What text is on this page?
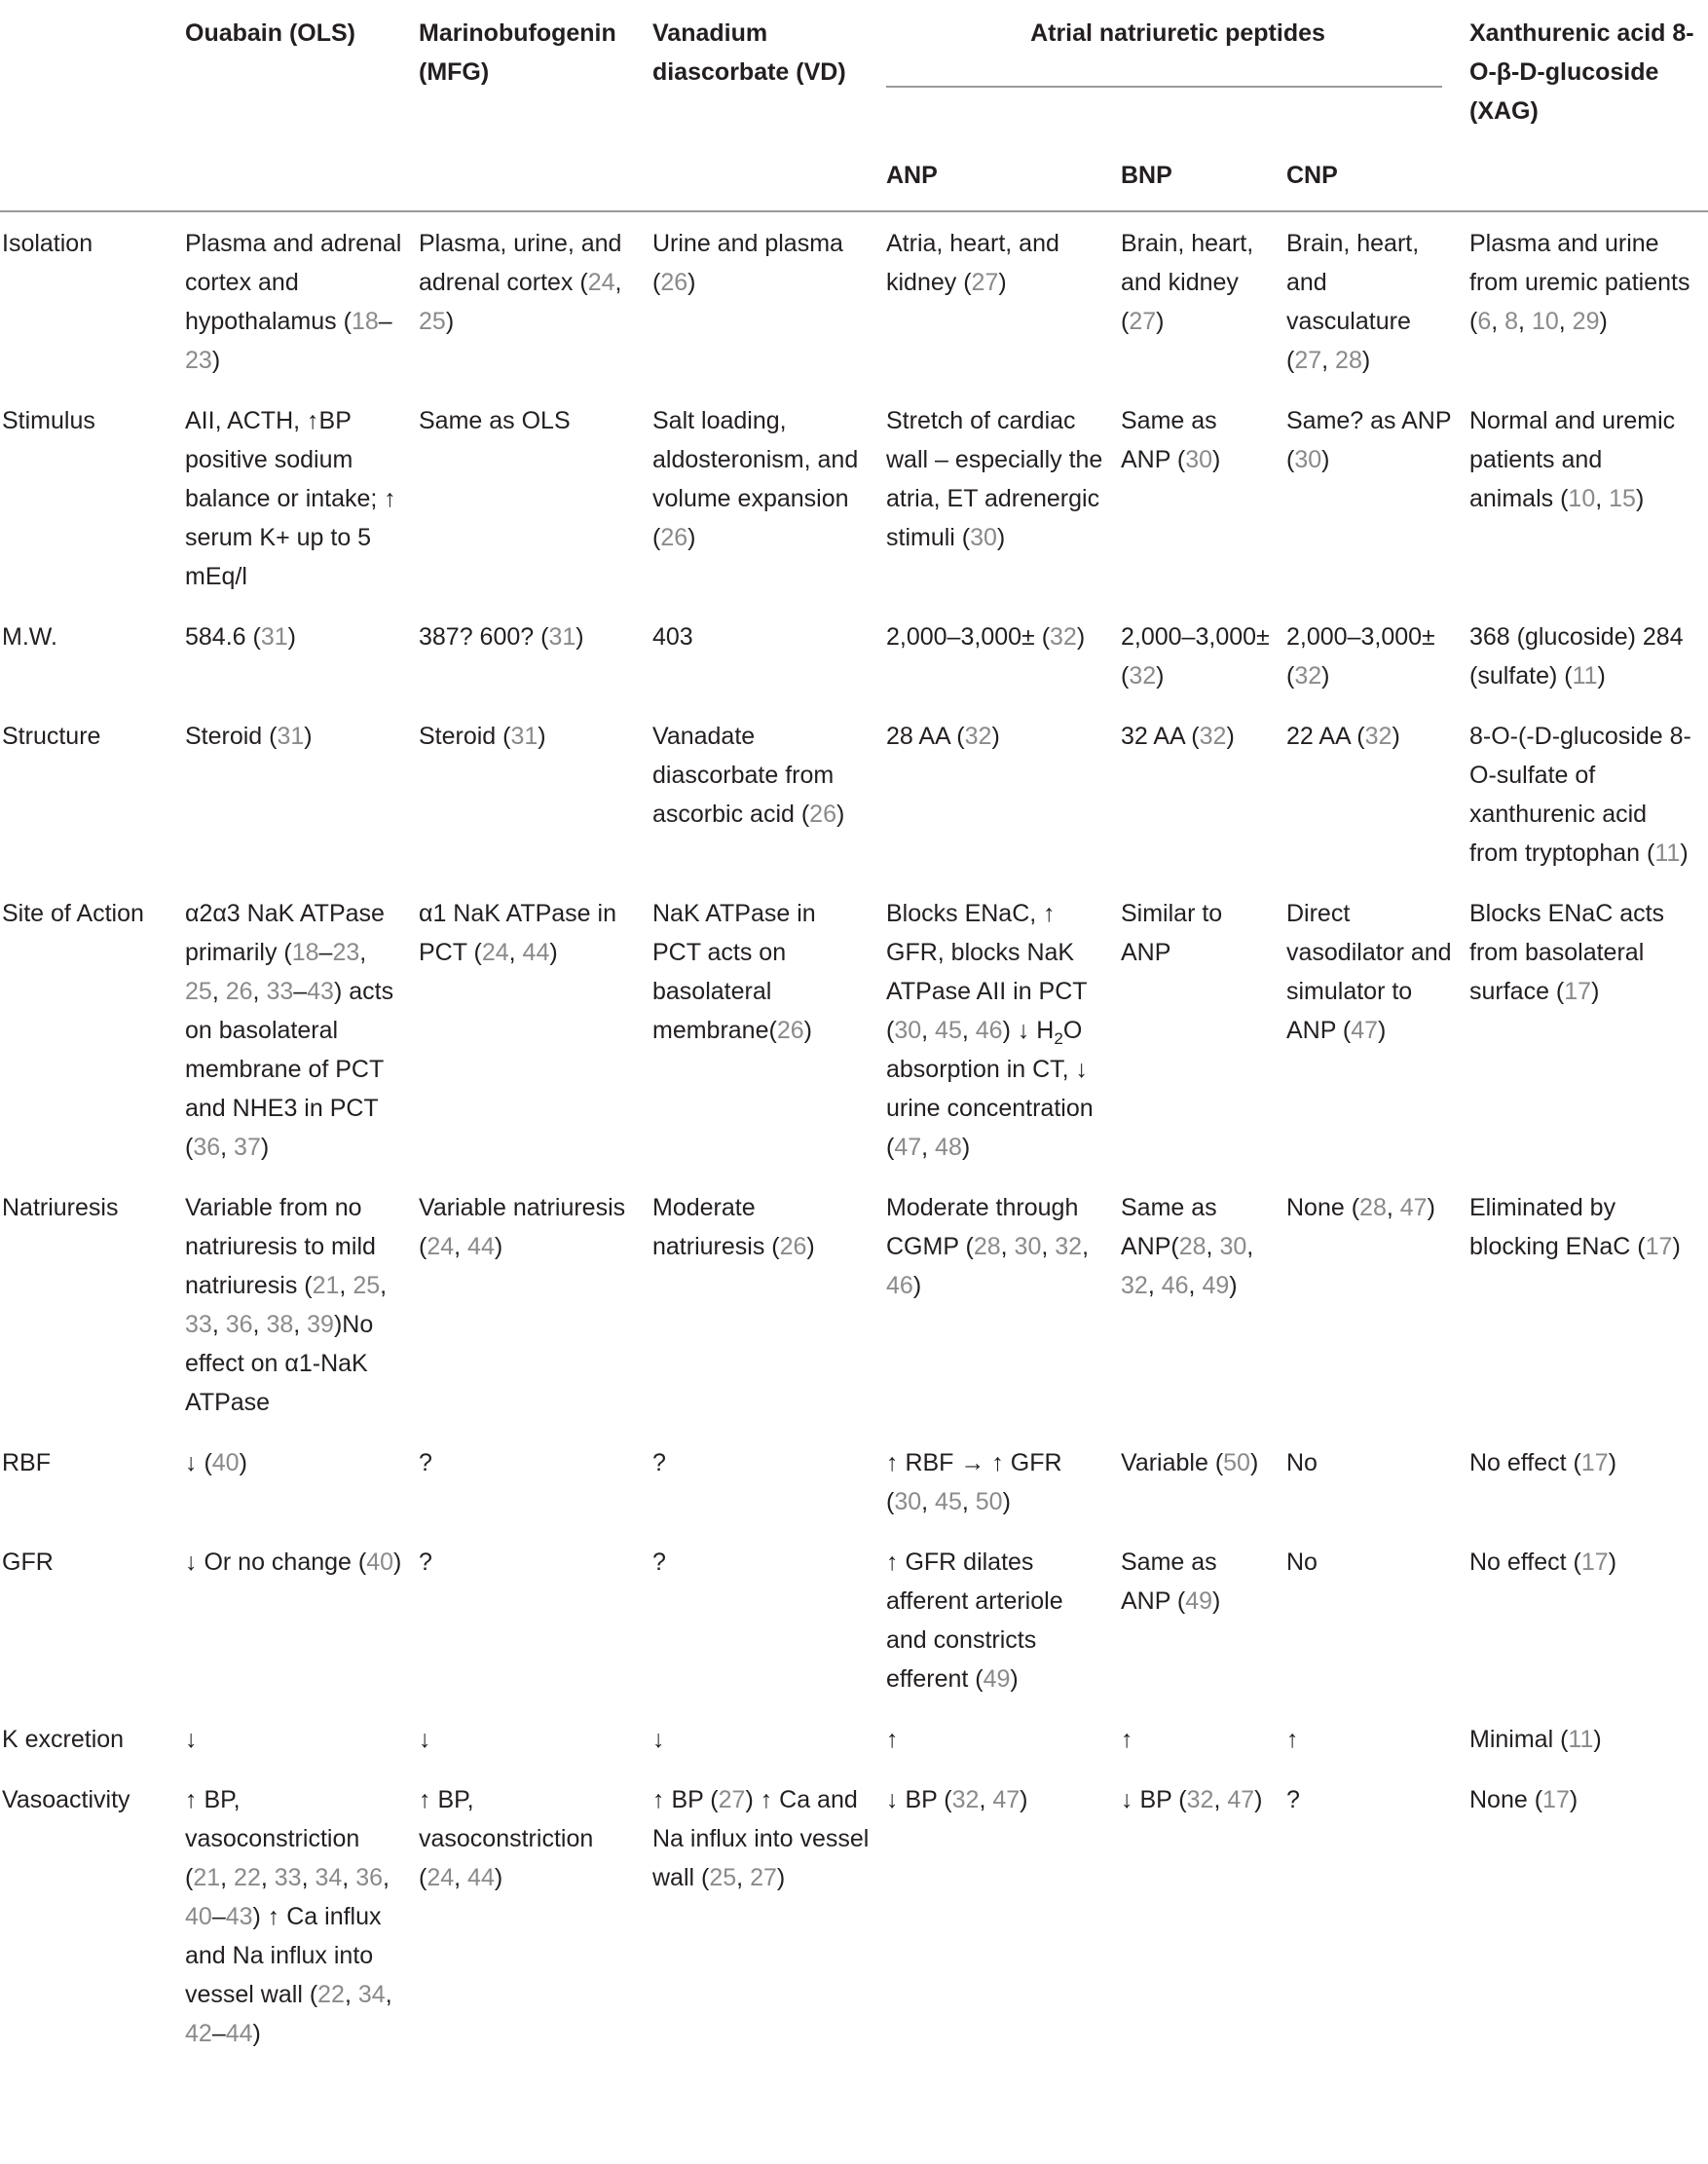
	Ouabain (OLS)	Marinobufogenin (MFG)	Vanadium diascorbate (VD)	Atrial natriuretic peptides			Xanthurenic acid 8-O-β-D-glucoside (XAG)
				ANP	BNP	CNP	
Isolation	Plasma and adrenal cortex and hypothalamus (18–23)	Plasma, urine, and adrenal cortex (24, 25)	Urine and plasma (26)	Atria, heart, and kidney (27)	Brain, heart, and kidney (27)	Brain, heart, and vasculature (27, 28)	Plasma and urine from uremic patients (6, 8, 10, 29)
Stimulus	AII, ACTH, ↑BP positive sodium balance or intake; ↑ serum K+ up to 5 mEq/l	Same as OLS	Salt loading, aldosteronism, and volume expansion (26)	Stretch of cardiac wall – especially the atria, ET adrenergic stimuli (30)	Same as ANP (30)	Same? as ANP (30)	Normal and uremic patients and animals (10, 15)
M.W.	584.6 (31)	387? 600? (31)	403	2,000–3,000± (32)	2,000–3,000± (32)	2,000–3,000± (32)	368 (glucoside) 284 (sulfate) (11)
Structure	Steroid (31)	Steroid (31)	Vanadate diascorbate from ascorbic acid (26)	28 AA (32)	32 AA (32)	22 AA (32)	8-O-(-D-glucoside 8-O-sulfate of xanthurenic acid from tryptophan (11)
Site of Action	α2α3 NaK ATPase primarily (18–23, 25, 26, 33–43) acts on basolateral membrane of PCT and NHE3 in PCT (36, 37)	α1 NaK ATPase in PCT (24, 44)	NaK ATPase in PCT acts on basolateral membrane(26)	Blocks ENaC, ↑ GFR, blocks NaK ATPase AII in PCT (30, 45, 46) ↓ $H_2O$ absorption in CT, ↓ urine concentration (47, 48)	Similar to ANP	Direct vasodilator and simulator to ANP (47)	Blocks ENaC acts from basolateral surface (17)
Natriuresis	Variable from no natriuresis to mild natriuresis (21, 25, 33, 36, 38, 39)No effect on α1-NaK ATPase	Variable natriuresis (24, 44)	Moderate natriuresis (26)	Moderate through CGMP (28, 30, 32, 46)	Same as ANP(28, 30, 32, 46, 49)	None (28, 47)	Eliminated by blocking ENaC (17)
RBF	↓ (40)	?	?	↑ RBF → ↑ GFR (30, 45, 50)	Variable (50)	No	No effect (17)
GFR	↓ Or no change (40)	?	?	↑ GFR dilates afferent arteriole and constricts efferent (49)	Same as ANP (49)	No	No effect (17)
K excretion	↓	↓	↓	↑	↑	↑	Minimal (11)
Vasoactivity	↑ BP, vasoconstriction (21, 22, 33, 34, 36, 40–43) ↑ Ca influx and Na influx into vessel wall (22, 34, 42–44)	↑ BP, vasoconstriction (24, 44)	↑ BP (27) ↑ Ca and Na influx into vessel wall (25, 27)	↓ BP (32, 47)	↓ BP (32, 47)	?	None (17)
